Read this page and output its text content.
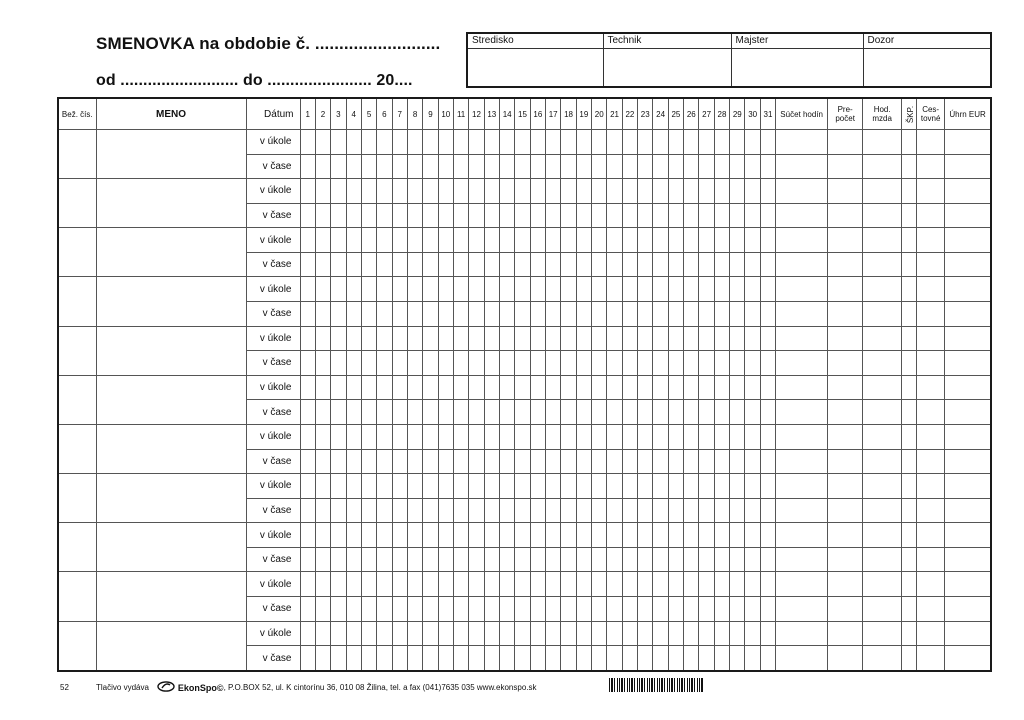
SMENOVKA na obdobie č. ..........................
od .......................... do ....................... 20....
Stredisko	Technik	Majster	Dozor

Bež. čís.	MENO	Dátum	1	2	3	4	5	6	7	8	9	10	11	12	13	14	15	16	17	18	19	20	21	22	23	24	25	26	27	28	29	30	31	Súčet hodín	Pre-počet	Hod. mzda	ŠKP.	Ces-tovné	Úhrn EUR
		v úkole																																					
		v čase																																					
		v úkole																																					
		v čase																																					
		v úkole																																					
		v čase																																					
		v úkole																																					
		v čase																																					
		v úkole																																					
		v čase																																					
		v úkole																																					
		v čase																																					
		v úkole																																					
		v čase																																					
		v úkole																																					
		v čase																																					
		v úkole																																					
		v čase																																					
		v úkole																																					
		v čase																																					
		v úkole																																					
		v čase																																					
52	Tlačivo vydáva	EkonSpo© , P.O.BOX 52, ul. K cintorínu 36, 010 08 Žilina, tel. a fax (041)7635 035 www.ekonspo.sk
